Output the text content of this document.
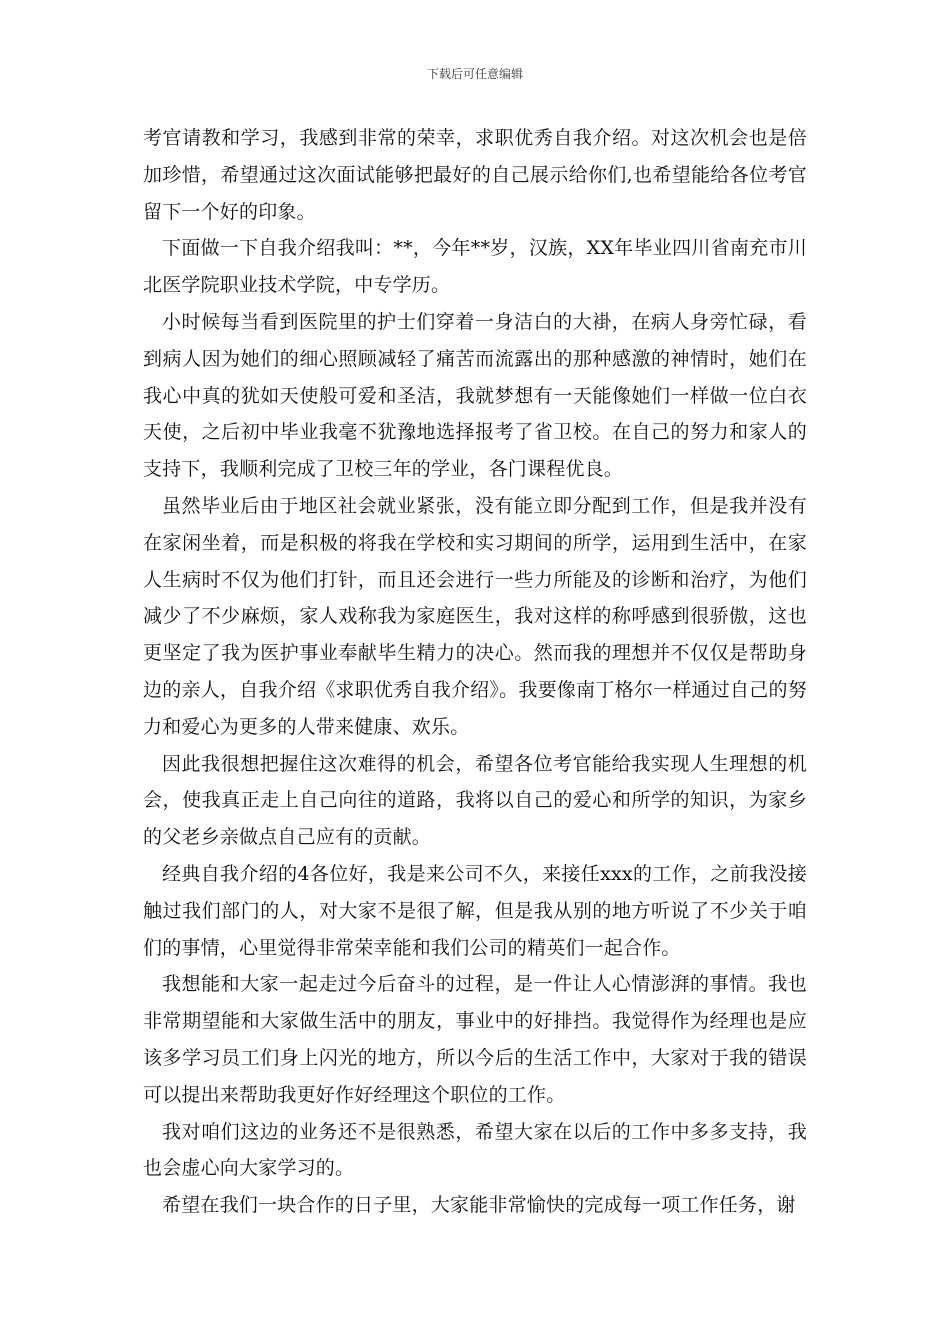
下载后可任意编辑

考官请教和学习，我感到非常的荣幸，求职优秀自我介绍。对这次机会也是倍加珍惜，希望通过这次面试能够把最好的自己展示给你们,也希望能给各位考官留下一个好的印象。

下面做一下自我介绍我叫：**，今年**岁，汉族，XX年毕业四川省南充市川北医学院职业技术学院，中专学历。

小时候每当看到医院里的护士们穿着一身洁白的大褂，在病人身旁忙碌，看到病人因为她们的细心照顾减轻了痛苦而流露出的那种感激的神情时，她们在我心中真的犹如天使般可爱和圣洁，我就梦想有一天能像她们一样做一位白衣天使，之后初中毕业我毫不犹豫地选择报考了省卫校。在自己的努力和家人的支持下，我顺利完成了卫校三年的学业，各门课程优良。

虽然毕业后由于地区社会就业紧张，没有能立即分配到工作，但是我并没有在家闲坐着，而是积极的将我在学校和实习期间的所学，运用到生活中，在家人生病时不仅为他们打针，而且还会进行一些力所能及的诊断和治疗，为他们减少了不少麻烦，家人戏称我为家庭医生，我对这样的称呼感到很骄傲，这也更坚定了我为医护事业奉献毕生精力的决心。然而我的理想并不仅仅是帮助身边的亲人，自我介绍《求职优秀自我介绍》。我要像南丁格尔一样通过自己的努力和爱心为更多的人带来健康、欢乐。

因此我很想把握住这次难得的机会，希望各位考官能给我实现人生理想的机会，使我真正走上自己向往的道路，我将以自己的爱心和所学的知识，为家乡的父老乡亲做点自己应有的贡献。

经典自我介绍的4各位好，我是来公司不久，来接任xxx的工作，之前我没接触过我们部门的人，对大家不是很了解，但是我从别的地方听说了不少关于咱们的事情，心里觉得非常荣幸能和我们公司的精英们一起合作。

我想能和大家一起走过今后奋斗的过程，是一件让人心情澎湃的事情。我也非常期望能和大家做生活中的朋友，事业中的好排挡。我觉得作为经理也是应该多学习员工们身上闪光的地方，所以今后的生活工作中，大家对于我的错误可以提出来帮助我更好作好经理这个职位的工作。

我对咱们这边的业务还不是很熟悉，希望大家在以后的工作中多多支持，我也会虚心向大家学习的。

希望在我们一块合作的日子里，大家能非常愉快的完成每一项工作任务，谢
